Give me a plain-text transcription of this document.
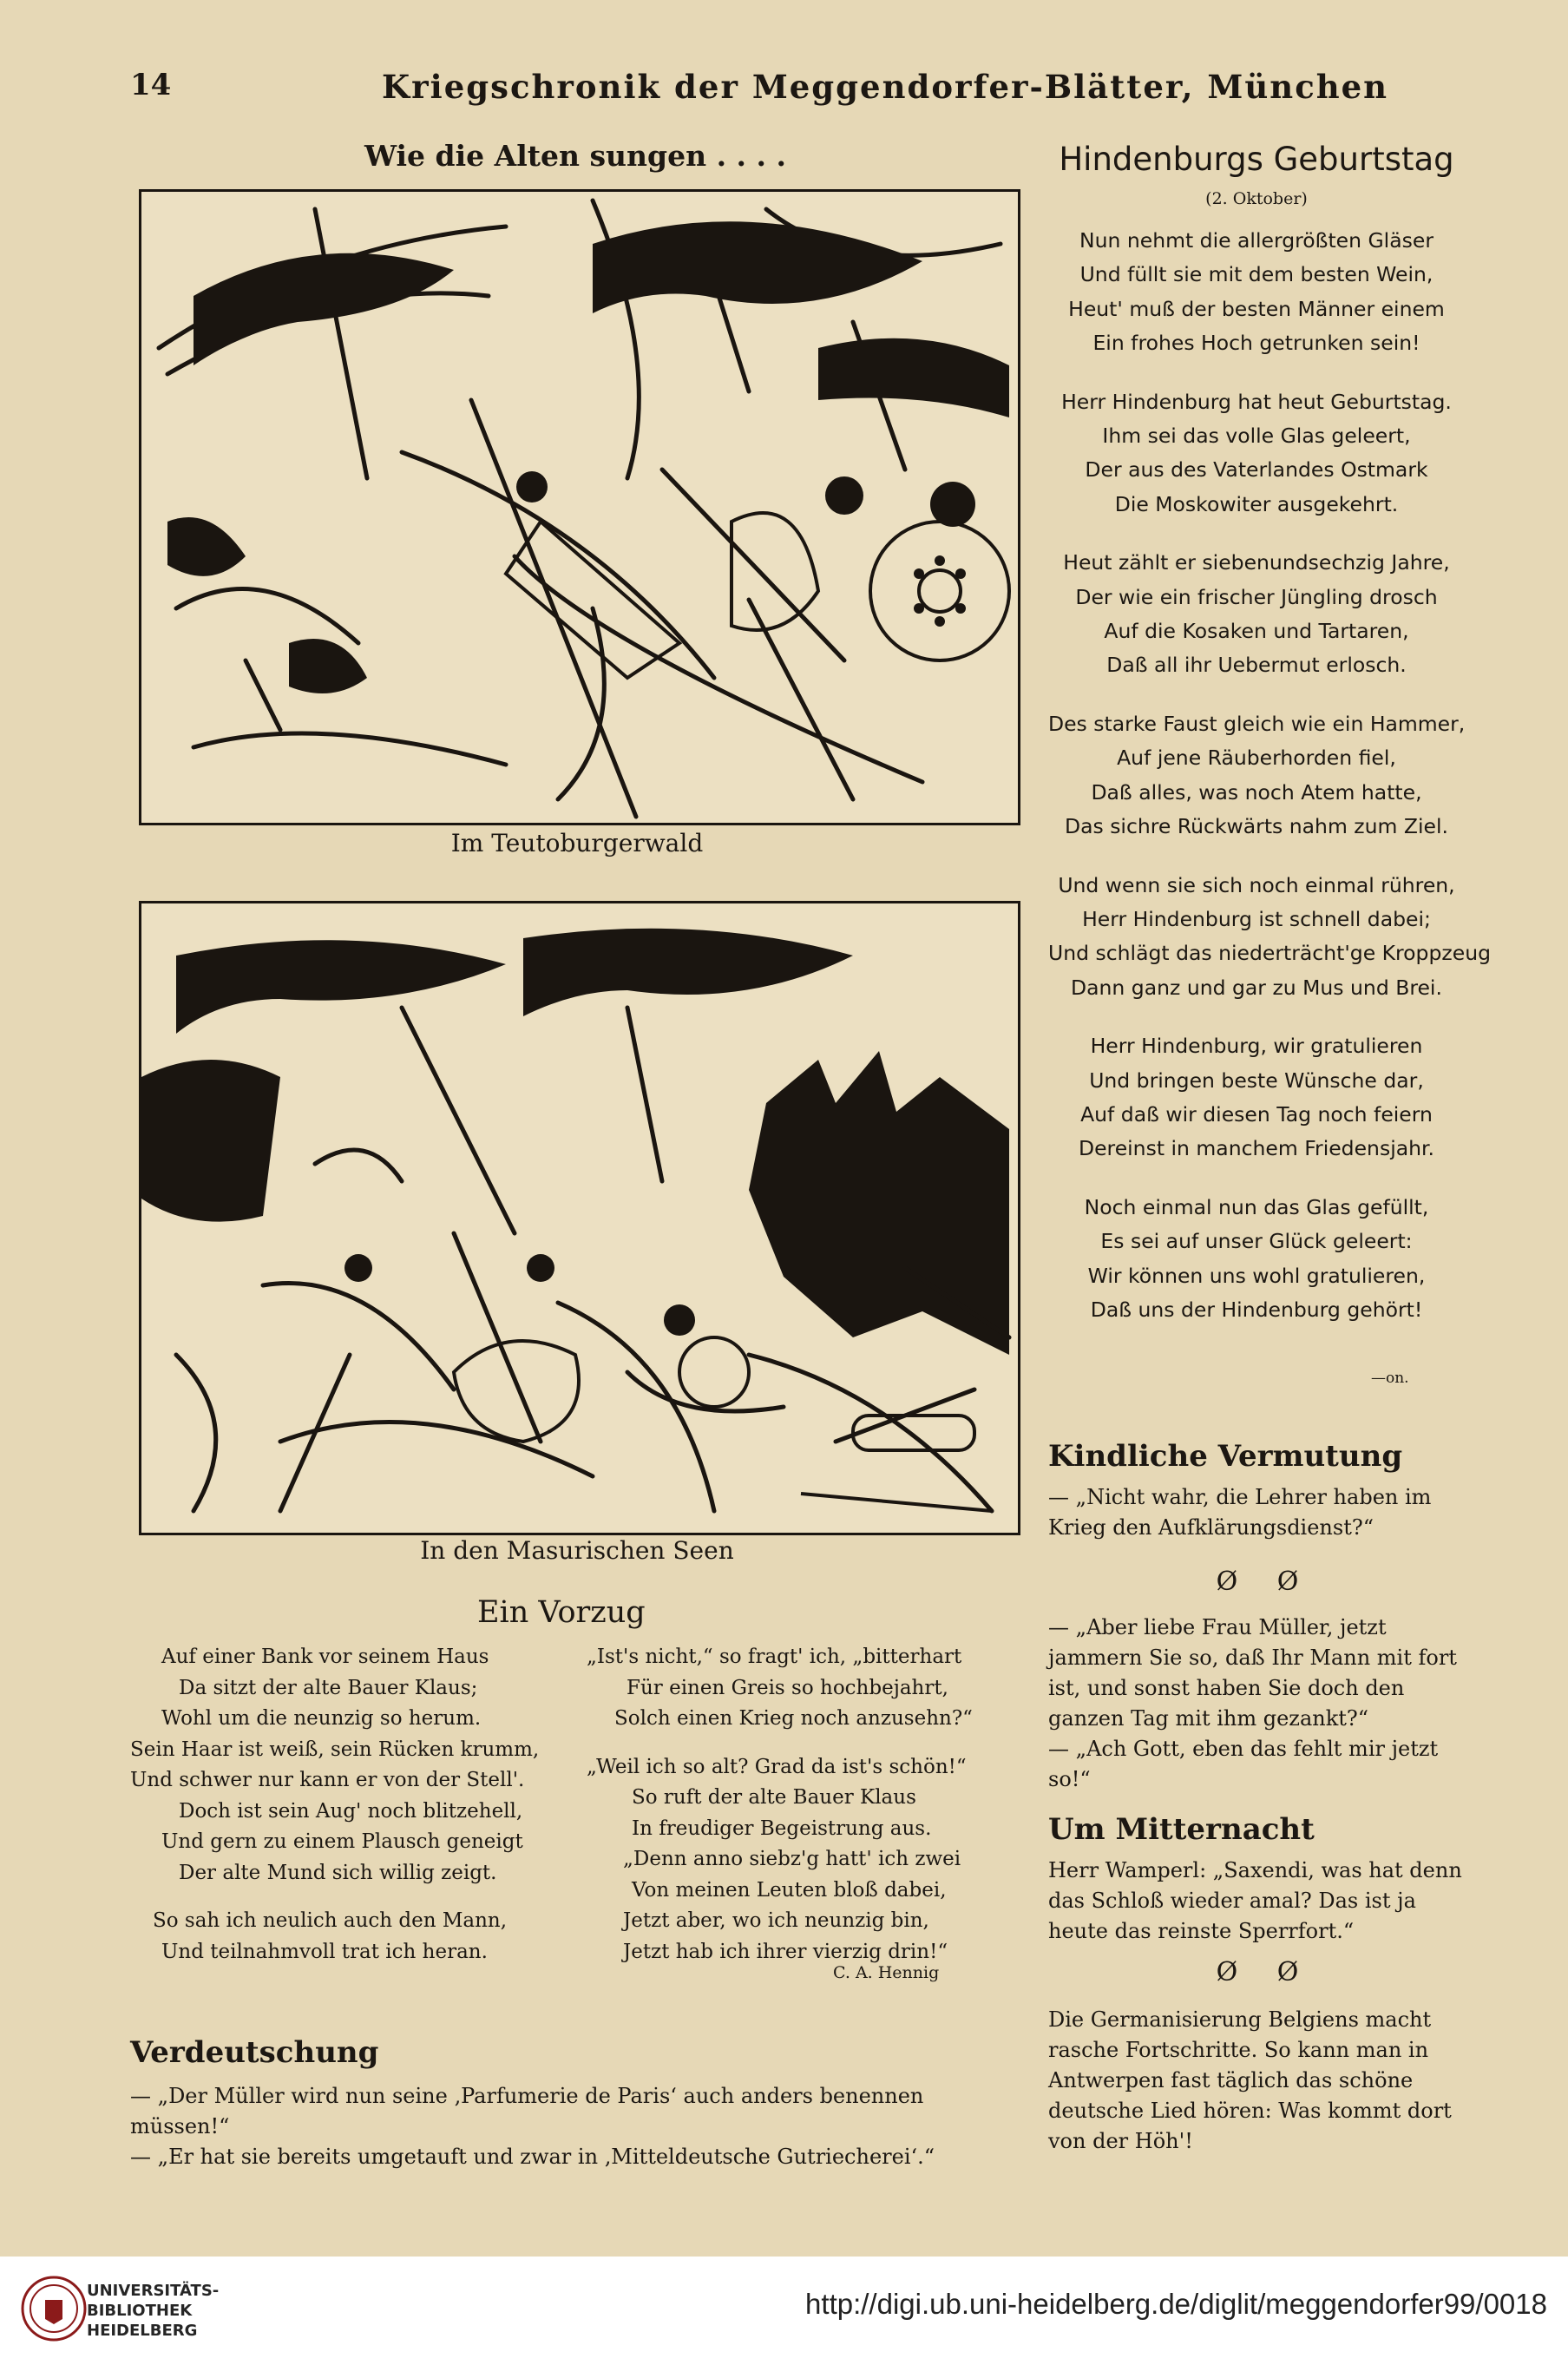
14	Kriegschronik der Meggendorfer-Blätter, München
Wie die Alten sungen . . . .
Im Teutoburgerwald
In den Masurischen Seen
Ein Vorzug
Auf einer Bank vor seinem Haus
Da sitzt der alte Bauer Klaus;
Wohl um die neunzig so herum.
Sein Haar ist weiß, sein Rücken krumm,
Und schwer nur kann er von der Stell'.
Doch ist sein Aug' noch blitzehell,
Und gern zu einem Plausch geneigt
Der alte Mund sich willig zeigt.
So sah ich neulich auch den Mann,
Und teilnahmvoll trat ich heran.
„Ist's nicht,“ so fragt' ich, „bitterhart
Für einen Greis so hochbejahrt,
Solch einen Krieg noch anzusehn?“
„Weil ich so alt? Grad da ist's schön!“
So ruft der alte Bauer Klaus
In freudiger Begeistrung aus.
„Denn anno siebz'g hatt' ich zwei
Von meinen Leuten bloß dabei,
Jetzt aber, wo ich neunzig bin,
Jetzt hab ich ihrer vierzig drin!“
C. A. Hennig
Verdeutschung
— „Der Müller wird nun seine ‚Parfumerie de Paris‘ auch anders benennen müssen!“
— „Er hat sie bereits umgetauft und zwar in ‚Mitteldeutsche Gutriecherei‘.“
Hindenburgs Geburtstag
(2. Oktober)
Nun nehmt die allergrößten Gläser
Und füllt sie mit dem besten Wein,
Heut' muß der besten Männer einem
Ein frohes Hoch getrunken sein!
Herr Hindenburg hat heut Geburtstag.
Ihm sei das volle Glas geleert,
Der aus des Vaterlandes Ostmark
Die Moskowiter ausgekehrt.
Heut zählt er siebenundsechzig Jahre,
Der wie ein frischer Jüngling drosch
Auf die Kosaken und Tartaren,
Daß all ihr Uebermut erlosch.
Des starke Faust gleich wie ein Hammer,
Auf jene Räuberhorden fiel,
Daß alles, was noch Atem hatte,
Das sichre Rückwärts nahm zum Ziel.
Und wenn sie sich noch einmal rühren,
Herr Hindenburg ist schnell dabei;
Und schlägt das niederträcht'ge Kroppzeug
Dann ganz und gar zu Mus und Brei.
Herr Hindenburg, wir gratulieren
Und bringen beste Wünsche dar,
Auf daß wir diesen Tag noch feiern
Dereinst in manchem Friedensjahr.
Noch einmal nun das Glas gefüllt,
Es sei auf unser Glück geleert:
Wir können uns wohl gratulieren,
Daß uns der Hindenburg gehört!
—on.
Kindliche Vermutung
— „Nicht wahr, die Lehrer haben im Krieg den Aufklärungsdienst?“
Ø Ø
— „Aber liebe Frau Müller, jetzt jammern Sie so, daß Ihr Mann mit fort ist, und sonst haben Sie doch den ganzen Tag mit ihm gezankt?“
— „Ach Gott, eben das fehlt mir jetzt so!“
Um Mitternacht
Herr Wamperl: „Saxendi, was hat denn das Schloß wieder amal? Das ist ja heute das reinste Sperrfort.“
Ø Ø
Die Germanisierung Belgiens macht rasche Fortschritte. So kann man in Antwerpen fast täglich das schöne deutsche Lied hören: Was kommt dort von der Höh'!
UNIVERSITÄTS-
BIBLIOTHEK
HEIDELBERG
http://digi.ub.uni-heidelberg.de/diglit/meggendorfer99/0018
